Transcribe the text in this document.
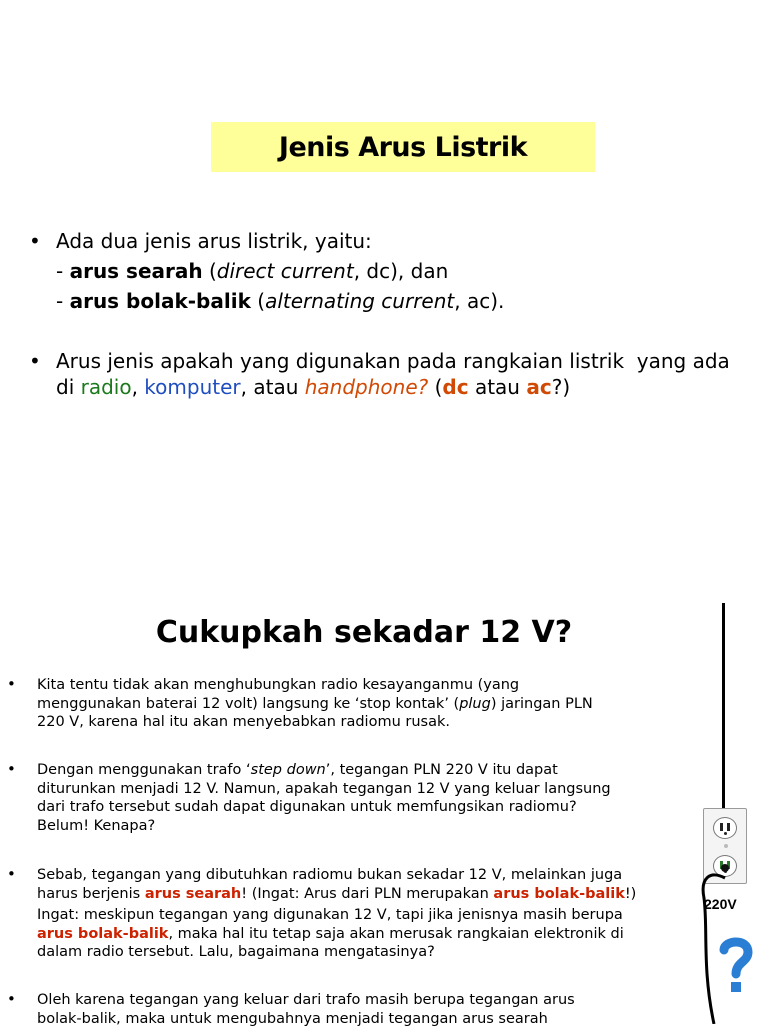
Jenis Arus Listrik
• Ada dua jenis arus listrik, yaitu:

- arus searah (direct current, dc), dan

- arus bolak-balik (alternating current, ac).

• Arus jenis apakah yang digunakan pada rangkaian listrik  yang ada

di radio, komputer, atau handphone? (dc atau ac?)

Cukupkah sekadar 12 V?
• Kita tentu tidak akan menghubungkan radio kesayanganmu (yang

menggunakan baterai 12 volt) langsung ke ‘stop kontak’ (plug) jaringan PLN

220 V, karena hal itu akan menyebabkan radiomu rusak.

• Dengan menggunakan trafo ‘step down’, tegangan PLN 220 V itu dapat

diturunkan menjadi 12 V. Namun, apakah tegangan 12 V yang keluar langsung

dari trafo tersebut sudah dapat digunakan untuk memfungsikan radiomu?

Belum! Kenapa?

• Sebab, tegangan yang dibutuhkan radiomu bukan sekadar 12 V, melainkan juga

harus berjenis arus searah! (Ingat: Arus dari PLN merupakan arus bolak-balik!)

Ingat: meskipun tegangan yang digunakan 12 V, tapi jika jenisnya masih berupa

arus bolak-balik, maka hal itu tetap saja akan merusak rangkaian elektronik di

dalam radio tersebut. Lalu, bagaimana mengatasinya?

• Oleh karena tegangan yang keluar dari trafo masih berupa tegangan arus

bolak-balik, maka untuk mengubahnya menjadi tegangan arus searah

220V
